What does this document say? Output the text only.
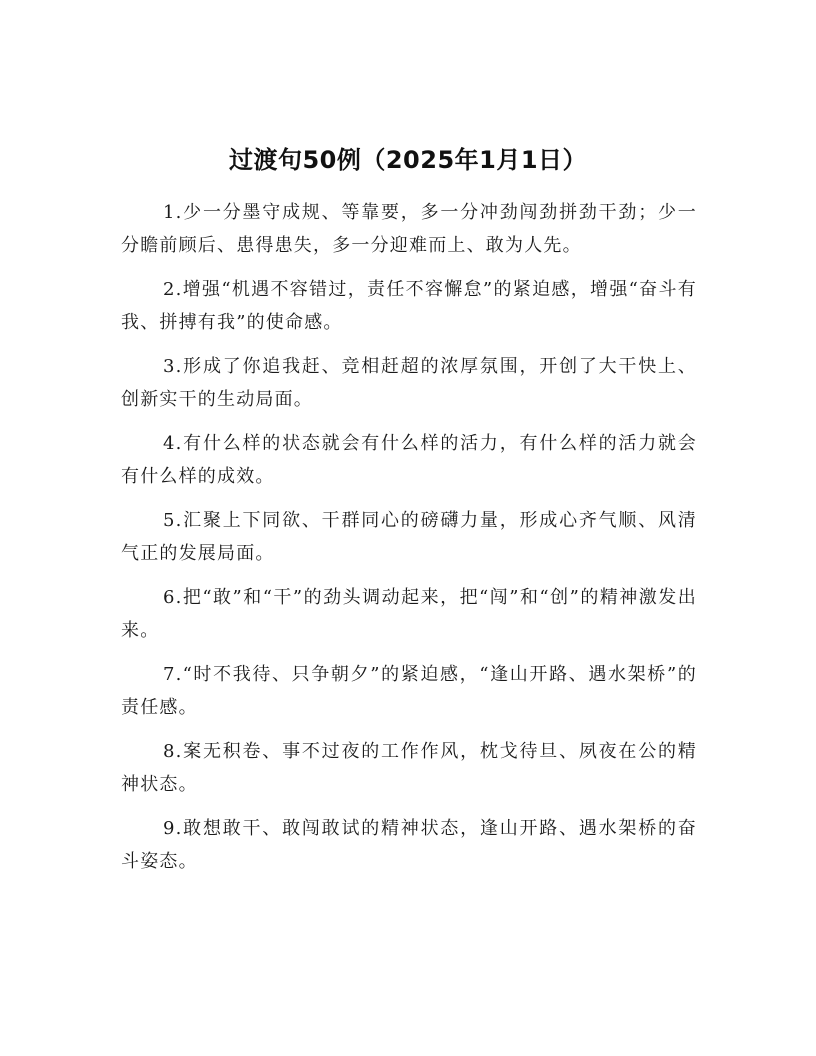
过渡句50例（2025年1月1日）

1.少一分墨守成规、等靠要，多一分冲劲闯劲拼劲干劲；少一分瞻前顾后、患得患失，多一分迎难而上、敢为人先。

2.增强“机遇不容错过，责任不容懈怠”的紧迫感，增强“奋斗有我、拼搏有我”的使命感。

3.形成了你追我赶、竞相赶超的浓厚氛围，开创了大干快上、创新实干的生动局面。

4.有什么样的状态就会有什么样的活力，有什么样的活力就会有什么样的成效。

5.汇聚上下同欲、干群同心的磅礴力量，形成心齐气顺、风清气正的发展局面。

6.把“敢”和“干”的劲头调动起来，把“闯”和“创”的精神激发出来。

7.“时不我待、只争朝夕”的紧迫感，“逢山开路、遇水架桥”的责任感。

8.案无积卷、事不过夜的工作作风，枕戈待旦、夙夜在公的精神状态。

9.敢想敢干、敢闯敢试的精神状态，逢山开路、遇水架桥的奋斗姿态。
